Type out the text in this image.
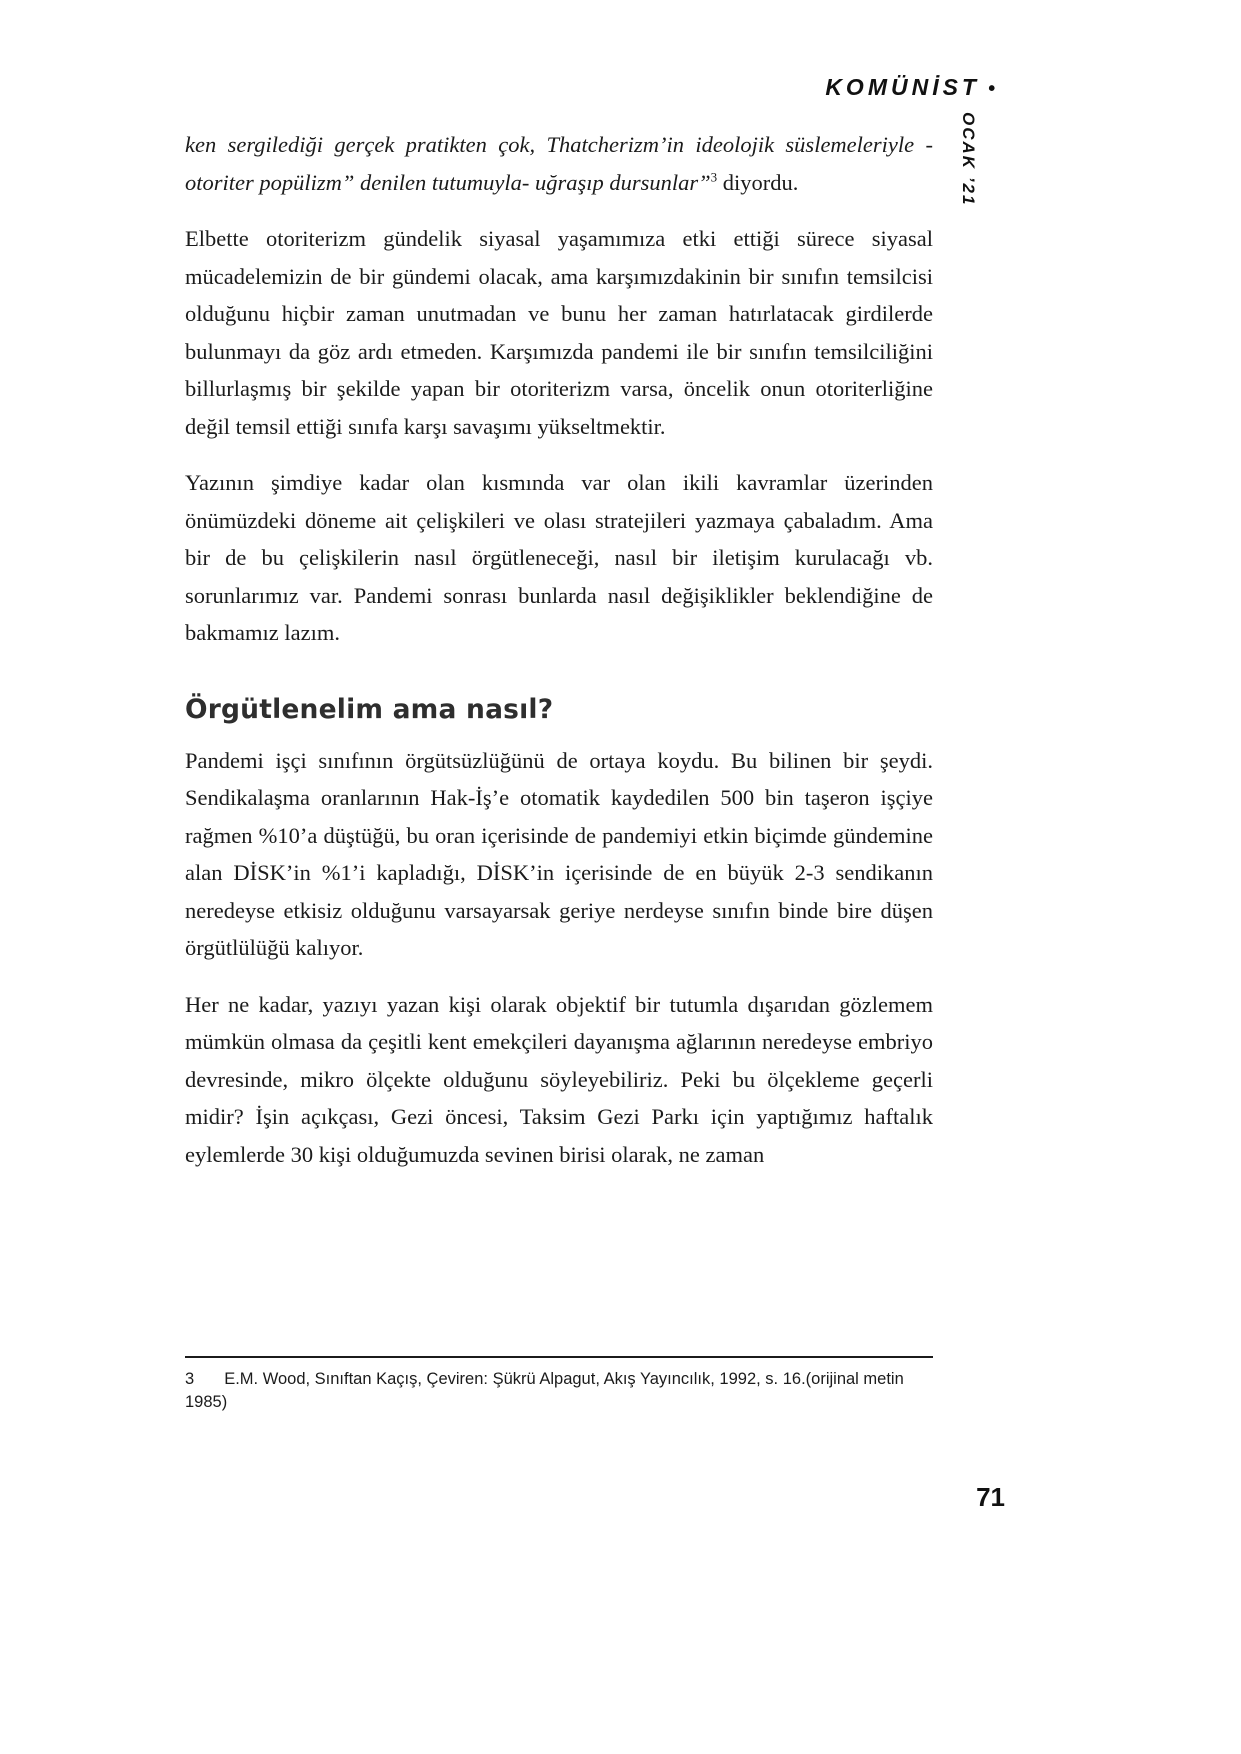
KOMÜNİST •
OCAK ’21

ken sergilediği gerçek pratikten çok, Thatcherizm’in ideolojik süslemeleriyle -otoriter popülizm” denilen tutumuyla- uğraşıp dursunlar”$^3$ diyordu.

Elbette otoriterizm gündelik siyasal yaşamımıza etki ettiği sürece siyasal mücadelemizin de bir gündemi olacak, ama karşımızdakinin bir sınıfın temsilcisi olduğunu hiçbir zaman unutmadan ve bunu her zaman hatırlatacak girdilerde bulunmayı da göz ardı etmeden. Karşımızda pandemi ile bir sınıfın temsilciliğini billurlaşmış bir şekilde yapan bir otoriterizm varsa, öncelik onun otoriterliğine değil temsil ettiği sınıfa karşı savaşımı yükseltmektir.

Yazının şimdiye kadar olan kısmında var olan ikili kavramlar üzerinden önümüzdeki döneme ait çelişkileri ve olası stratejileri yazmaya çabaladım. Ama bir de bu çelişkilerin nasıl örgütleneceği, nasıl bir iletişim kurulacağı vb. sorunlarımız var. Pandemi sonrası bunlarda nasıl değişiklikler beklendiğine de bakmamız lazım.

Örgütlenelim ama nasıl?

Pandemi işçi sınıfının örgütsüzlüğünü de ortaya koydu. Bu bilinen bir şeydi. Sendikalaşma oranlarının Hak-İş’e otomatik kaydedilen 500 bin taşeron işçiye rağmen %10’a düştüğü, bu oran içerisinde de pandemiyi etkin biçimde gündemine alan DİSK’in %1’i kapladığı, DİSK’in içerisinde de en büyük 2-3 sendikanın neredeyse etkisiz olduğunu varsayarsak geriye nerdeyse sınıfın binde bire düşen örgütlülüğü kalıyor.

Her ne kadar, yazıyı yazan kişi olarak objektif bir tutumla dışarıdan gözlemem mümkün olmasa da çeşitli kent emekçileri dayanışma ağlarının neredeyse embriyo devresinde, mikro ölçekte olduğunu söyleyebiliriz. Peki bu ölçekleme geçerli midir? İşin açıkçası, Gezi öncesi, Taksim Gezi Parkı için yaptığımız haftalık eylemlerde 30 kişi olduğumuzda sevinen birisi olarak, ne zaman

3 E.M. Wood, Sınıftan Kaçış, Çeviren: Şükrü Alpagut, Akış Yayıncılık, 1992, s. 16.(orijinal metin 1985)

71
